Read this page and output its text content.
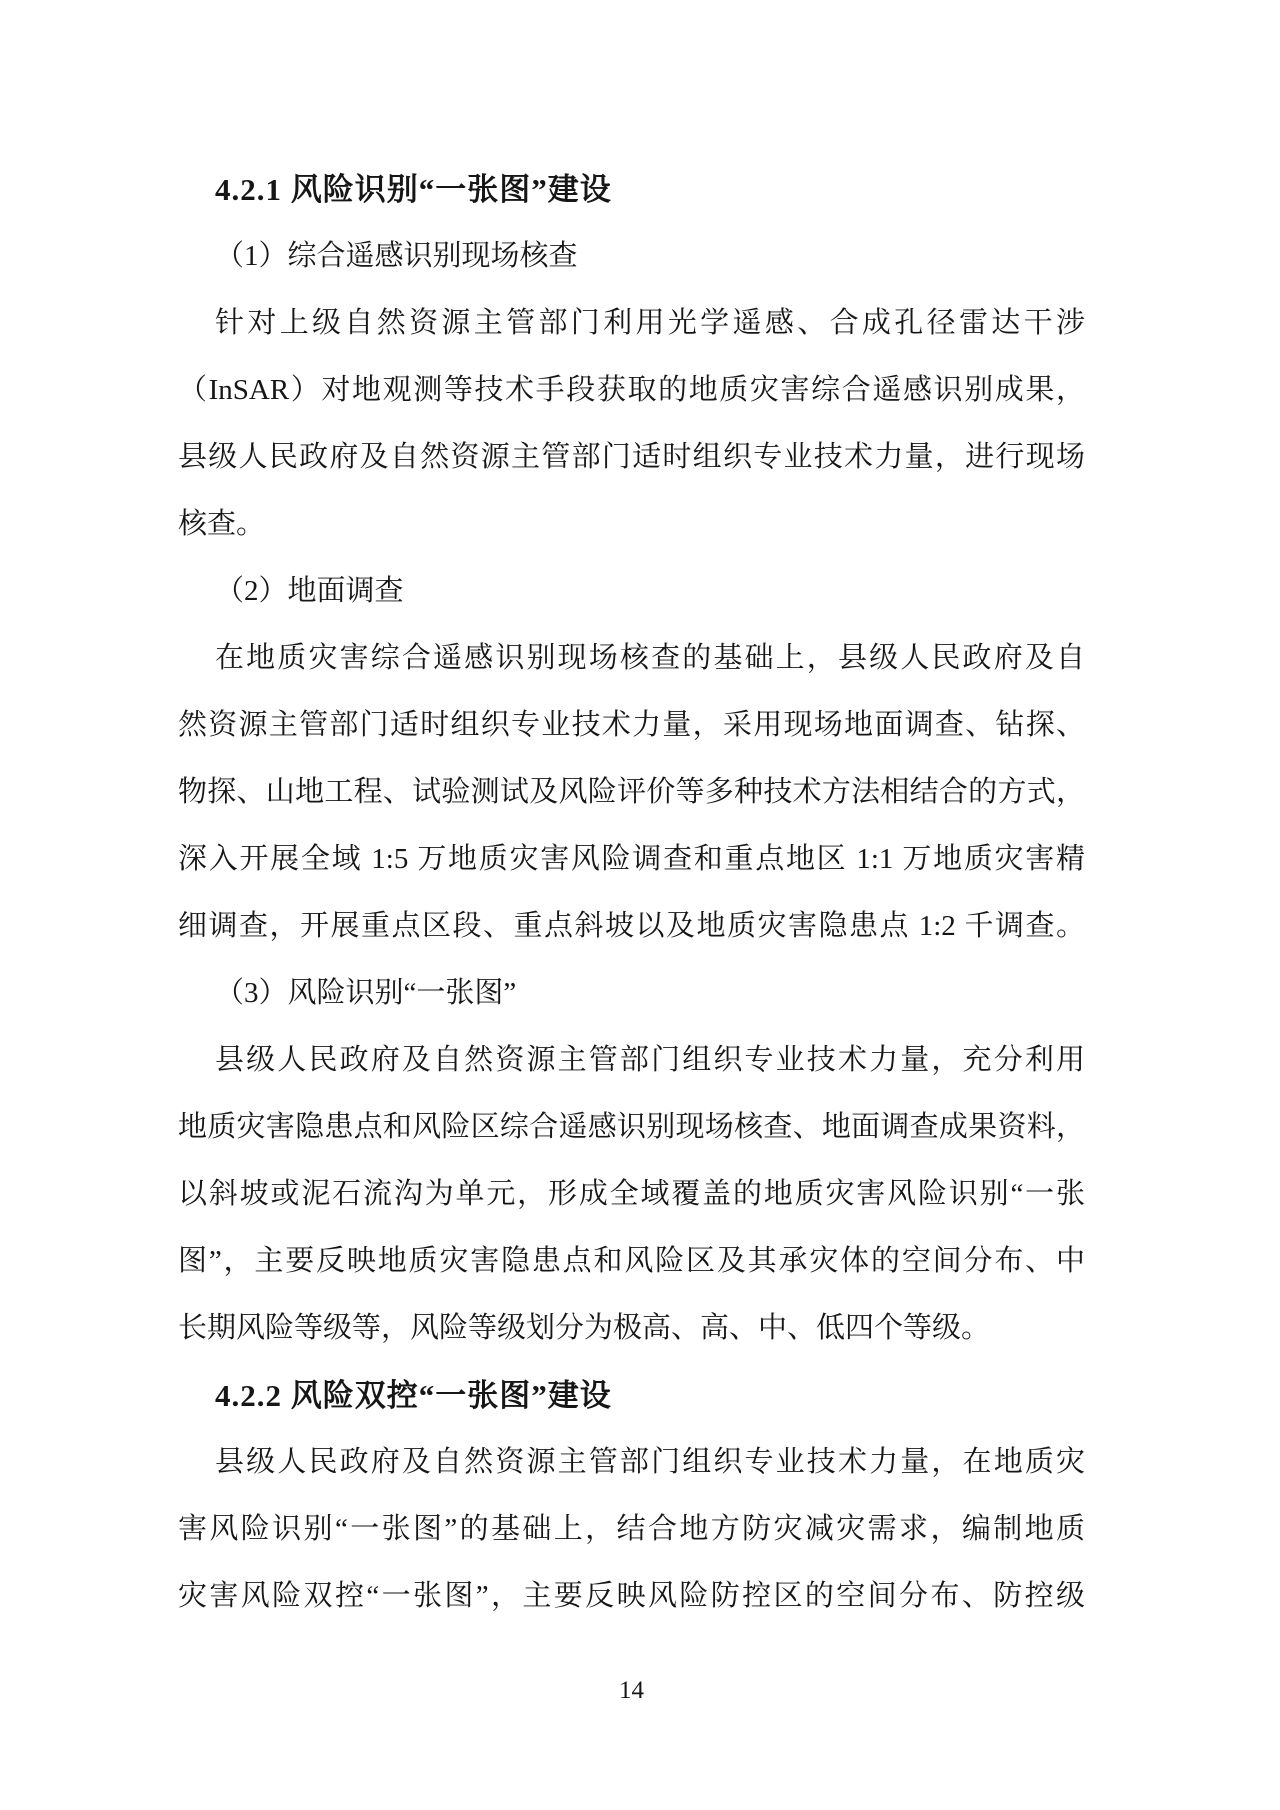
4.2.1 风险识别“一张图”建设
（1）综合遥感识别现场核查
针对上级自然资源主管部门利用光学遥感、合成孔径雷达干涉
（InSAR）对地观测等技术手段获取的地质灾害综合遥感识别成果，
县级人民政府及自然资源主管部门适时组织专业技术力量，进行现场
核查。
（2）地面调查
在地质灾害综合遥感识别现场核查的基础上，县级人民政府及自
然资源主管部门适时组织专业技术力量，采用现场地面调查、钻探、
物探、山地工程、试验测试及风险评价等多种技术方法相结合的方式，
深入开展全域 1:5 万地质灾害风险调查和重点地区 1:1 万地质灾害精
细调查，开展重点区段、重点斜坡以及地质灾害隐患点 1:2 千调查。
（3）风险识别“一张图”
县级人民政府及自然资源主管部门组织专业技术力量，充分利用
地质灾害隐患点和风险区综合遥感识别现场核查、地面调查成果资料，
以斜坡或泥石流沟为单元，形成全域覆盖的地质灾害风险识别“一张
图”，主要反映地质灾害隐患点和风险区及其承灾体的空间分布、中
长期风险等级等，风险等级划分为极高、高、中、低四个等级。
4.2.2 风险双控“一张图”建设
县级人民政府及自然资源主管部门组织专业技术力量，在地质灾
害风险识别“一张图”的基础上，结合地方防灾减灾需求，编制地质
灾害风险双控“一张图”，主要反映风险防控区的空间分布、防控级
14
